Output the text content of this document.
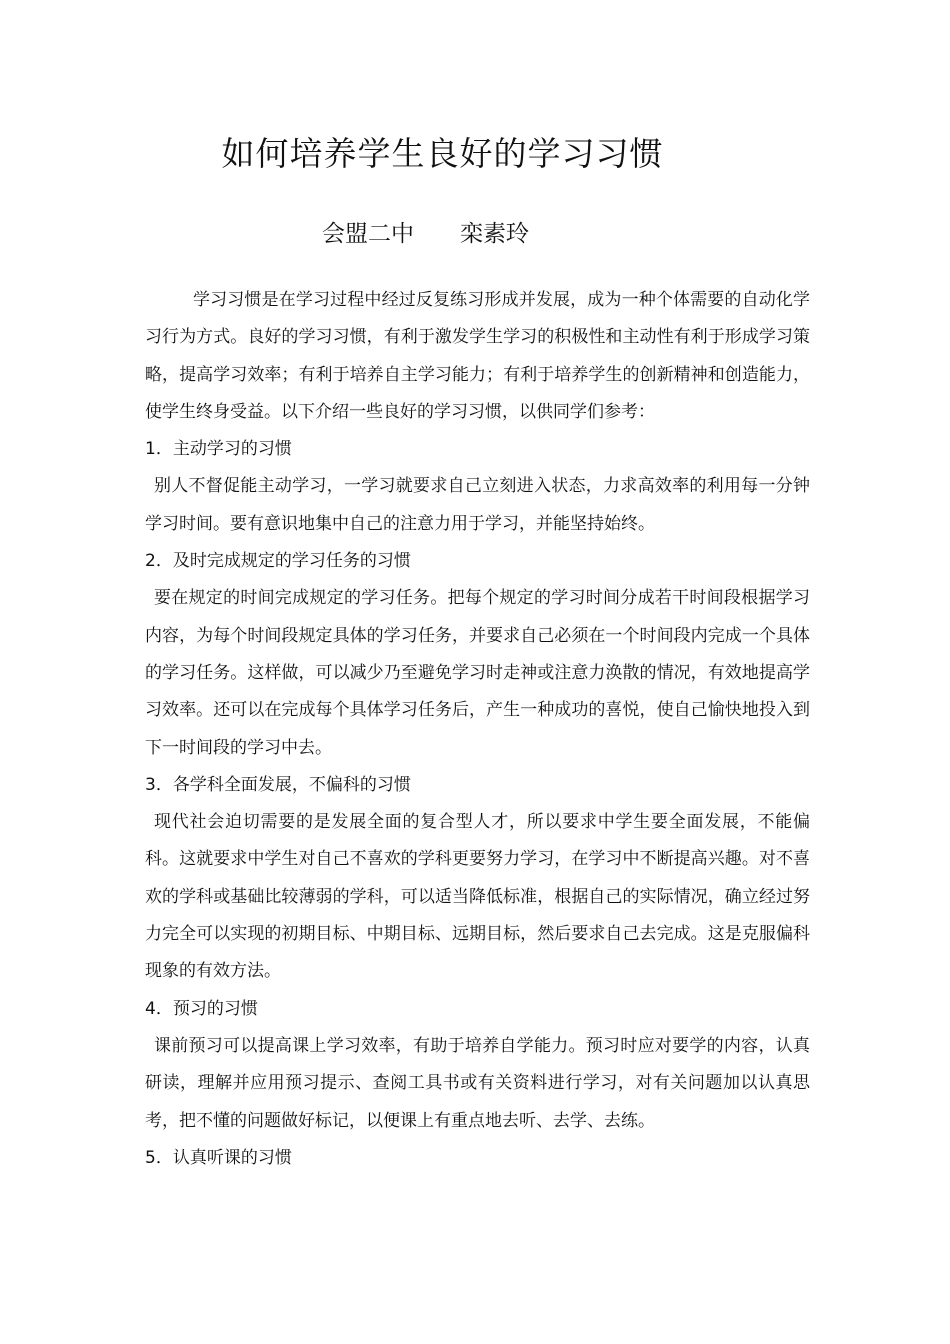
如何培养学生良好的学习习惯

会盟二中 栾素玲

学习习惯是在学习过程中经过反复练习形成并发展，成为一种个体需要的自动化学习行为方式。良好的学习习惯，有利于激发学生学习的积极性和主动性有利于形成学习策略，提高学习效率；有利于培养自主学习能力；有利于培养学生的创新精神和创造能力，使学生终身受益。以下介绍一些良好的学习习惯，以供同学们参考：

1．主动学习的习惯

别人不督促能主动学习，一学习就要求自己立刻进入状态，力求高效率的利用每一分钟学习时间。要有意识地集中自己的注意力用于学习，并能坚持始终。

2．及时完成规定的学习任务的习惯

要在规定的时间完成规定的学习任务。把每个规定的学习时间分成若干时间段根据学习内容，为每个时间段规定具体的学习任务，并要求自己必须在一个时间段内完成一个具体的学习任务。这样做，可以减少乃至避免学习时走神或注意力涣散的情况，有效地提高学习效率。还可以在完成每个具体学习任务后，产生一种成功的喜悦，使自己愉快地投入到下一时间段的学习中去。

3．各学科全面发展，不偏科的习惯

现代社会迫切需要的是发展全面的复合型人才，所以要求中学生要全面发展，不能偏科。这就要求中学生对自己不喜欢的学科更要努力学习，在学习中不断提高兴趣。对不喜欢的学科或基础比较薄弱的学科，可以适当降低标准，根据自己的实际情况，确立经过努力完全可以实现的初期目标、中期目标、远期目标，然后要求自己去完成。这是克服偏科现象的有效方法。

4．预习的习惯

课前预习可以提高课上学习效率，有助于培养自学能力。预习时应对要学的内容，认真研读，理解并应用预习提示、查阅工具书或有关资料进行学习，对有关问题加以认真思考，把不懂的问题做好标记，以便课上有重点地去听、去学、去练。

5．认真听课的习惯
